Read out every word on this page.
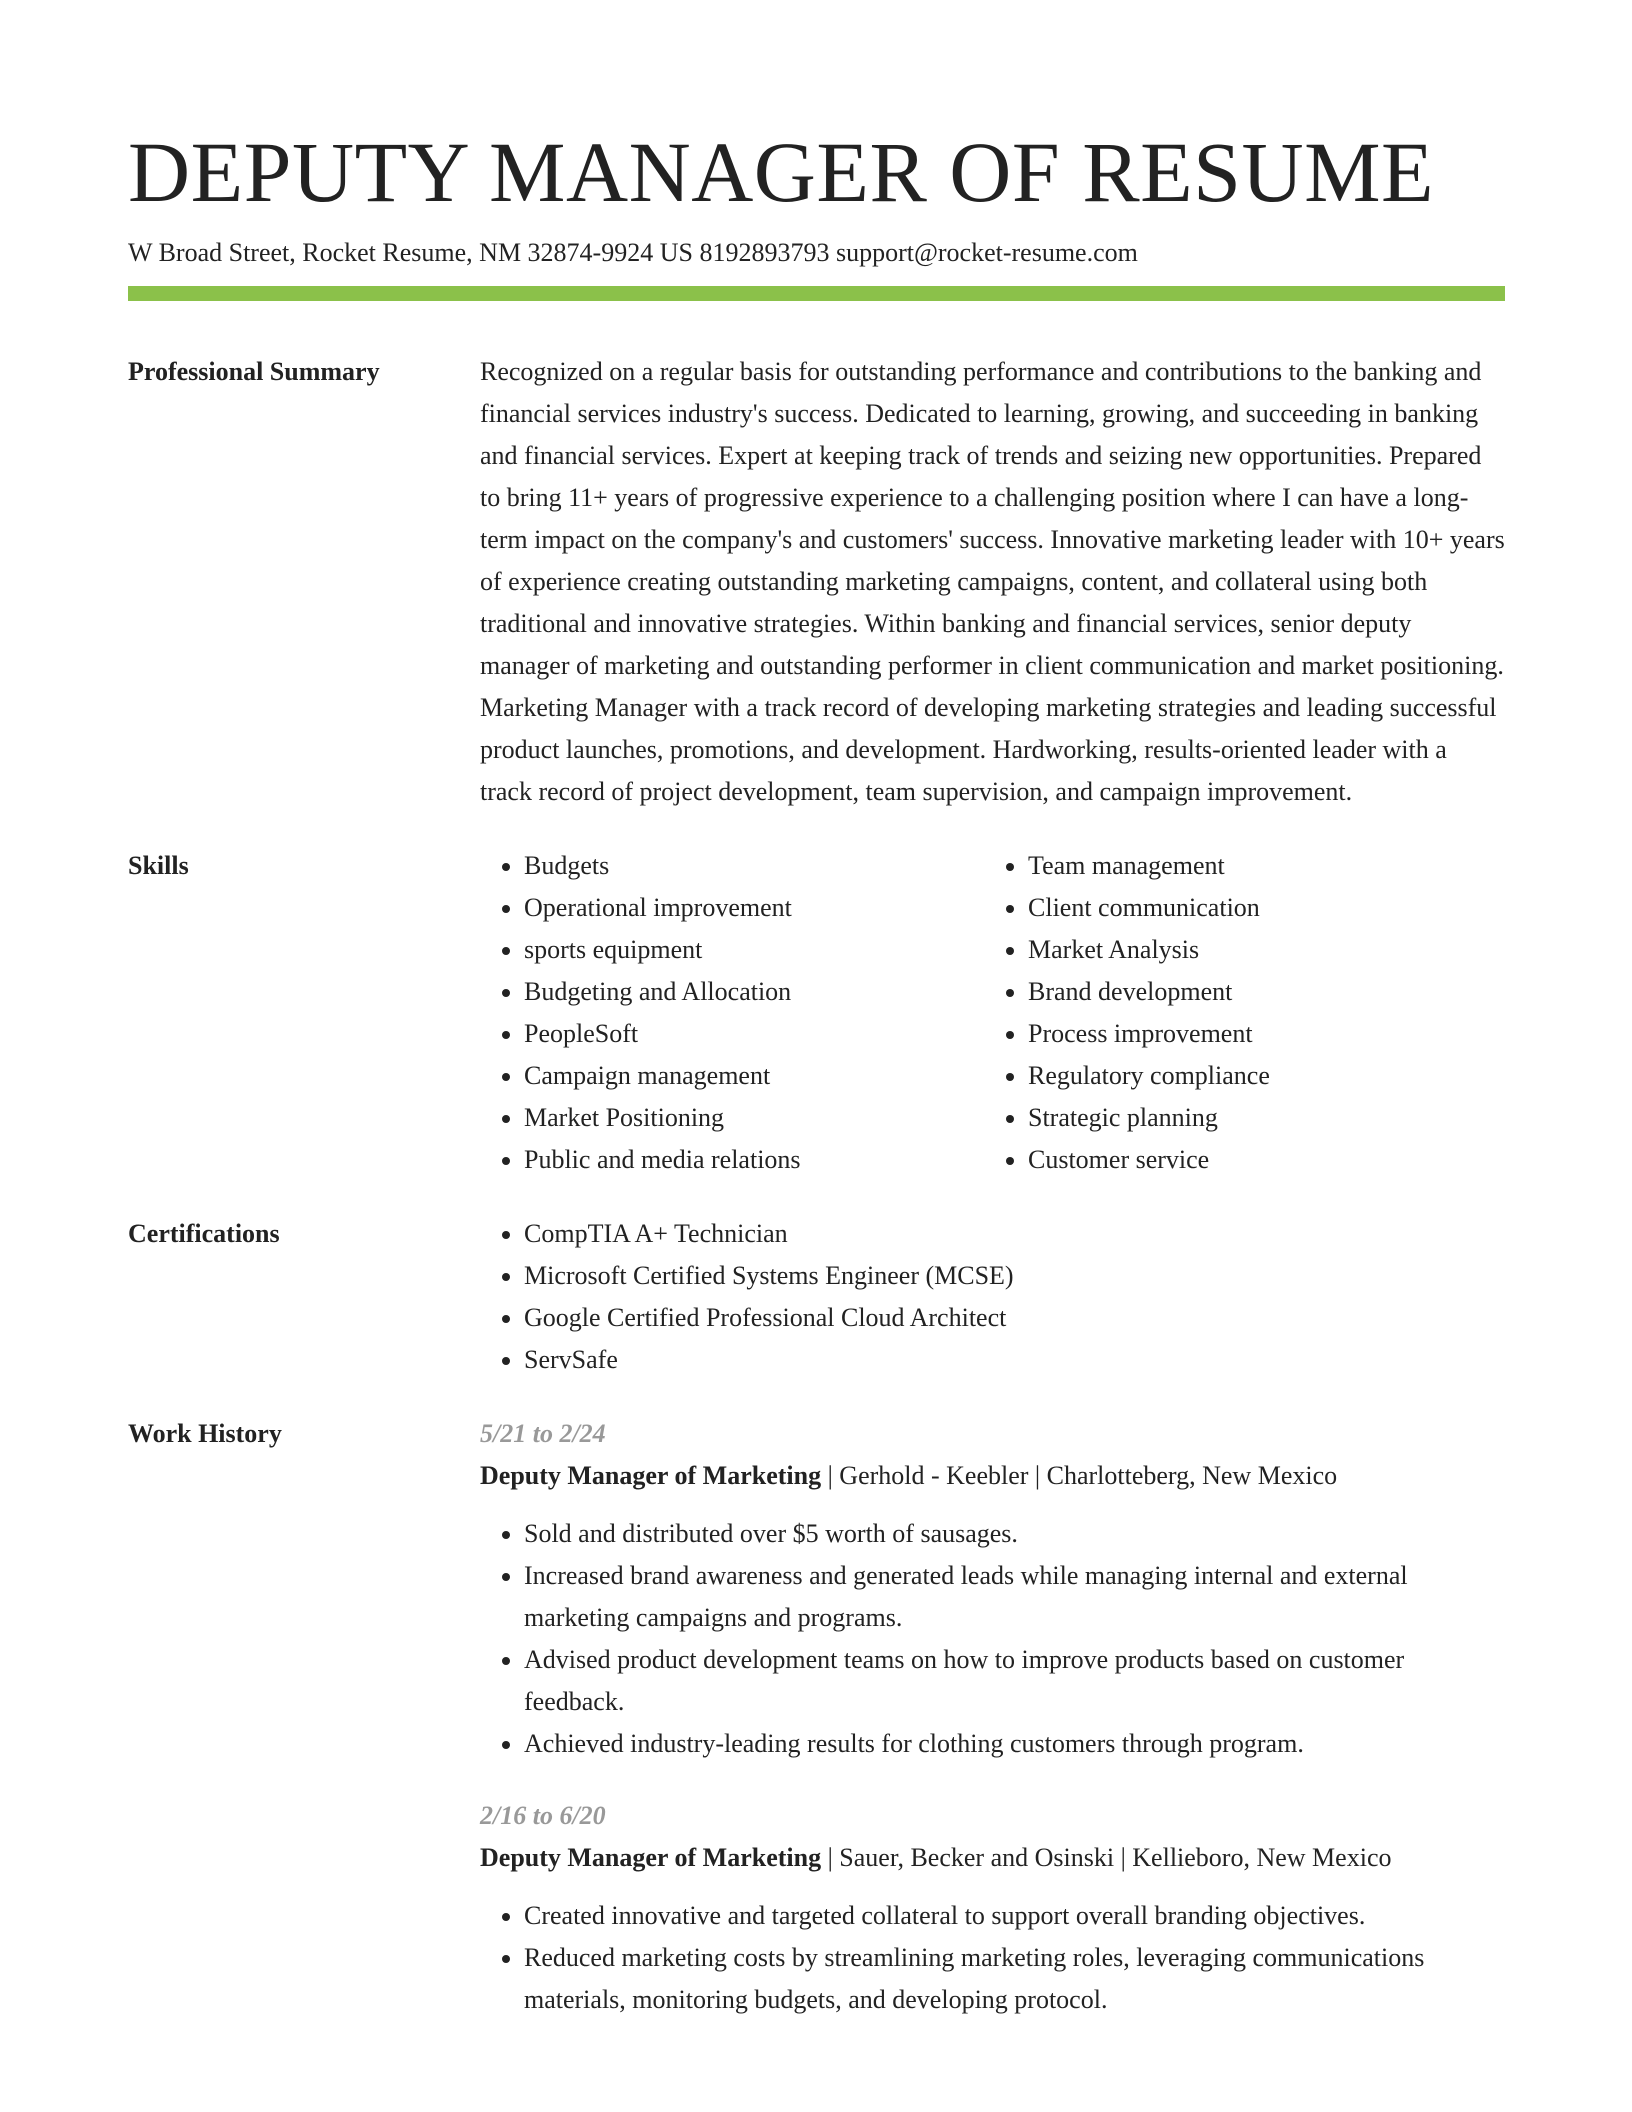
DEPUTY MANAGER OF RESUME
W Broad Street, Rocket Resume, NM 32874-9924 US 8192893793 support@rocket-resume.com
Professional Summary	Recognized on a regular basis for outstanding performance and contributions to the banking and financial services industry's success. Dedicated to learning, growing, and succeeding in banking and financial services. Expert at keeping track of trends and seizing new opportunities. Prepared to bring 11+ years of progressive experience to a challenging position where I can have a long-term impact on the company's and customers' success. Innovative marketing leader with 10+ years of experience creating outstanding marketing campaigns, content, and collateral using both traditional and innovative strategies. Within banking and financial services, senior deputy manager of marketing and outstanding performer in client communication and market positioning. Marketing Manager with a track record of developing marketing strategies and leading successful product launches, promotions, and development. Hardworking, results-oriented leader with a track record of project development, team supervision, and campaign improvement.
Skills	• Budgets
• Operational improvement
• sports equipment
• Budgeting and Allocation
• PeopleSoft
• Campaign management
• Market Positioning
• Public and media relations
• Team management
• Client communication
• Market Analysis
• Brand development
• Process improvement
• Regulatory compliance
• Strategic planning
• Customer service
Certifications	• CompTIA A+ Technician
• Microsoft Certified Systems Engineer (MCSE)
• Google Certified Professional Cloud Architect
• ServSafe
Work History	5/21 to 2/24
Deputy Manager of Marketing | Gerhold - Keebler | Charlotteberg, New Mexico
• Sold and distributed over $5 worth of sausages.
• Increased brand awareness and generated leads while managing internal and external marketing campaigns and programs.
• Advised product development teams on how to improve products based on customer feedback.
• Achieved industry-leading results for clothing customers through program.
2/16 to 6/20
Deputy Manager of Marketing | Sauer, Becker and Osinski | Kellieboro, New Mexico
• Created innovative and targeted collateral to support overall branding objectives.
• Reduced marketing costs by streamlining marketing roles, leveraging communications materials, monitoring budgets, and developing protocol.
